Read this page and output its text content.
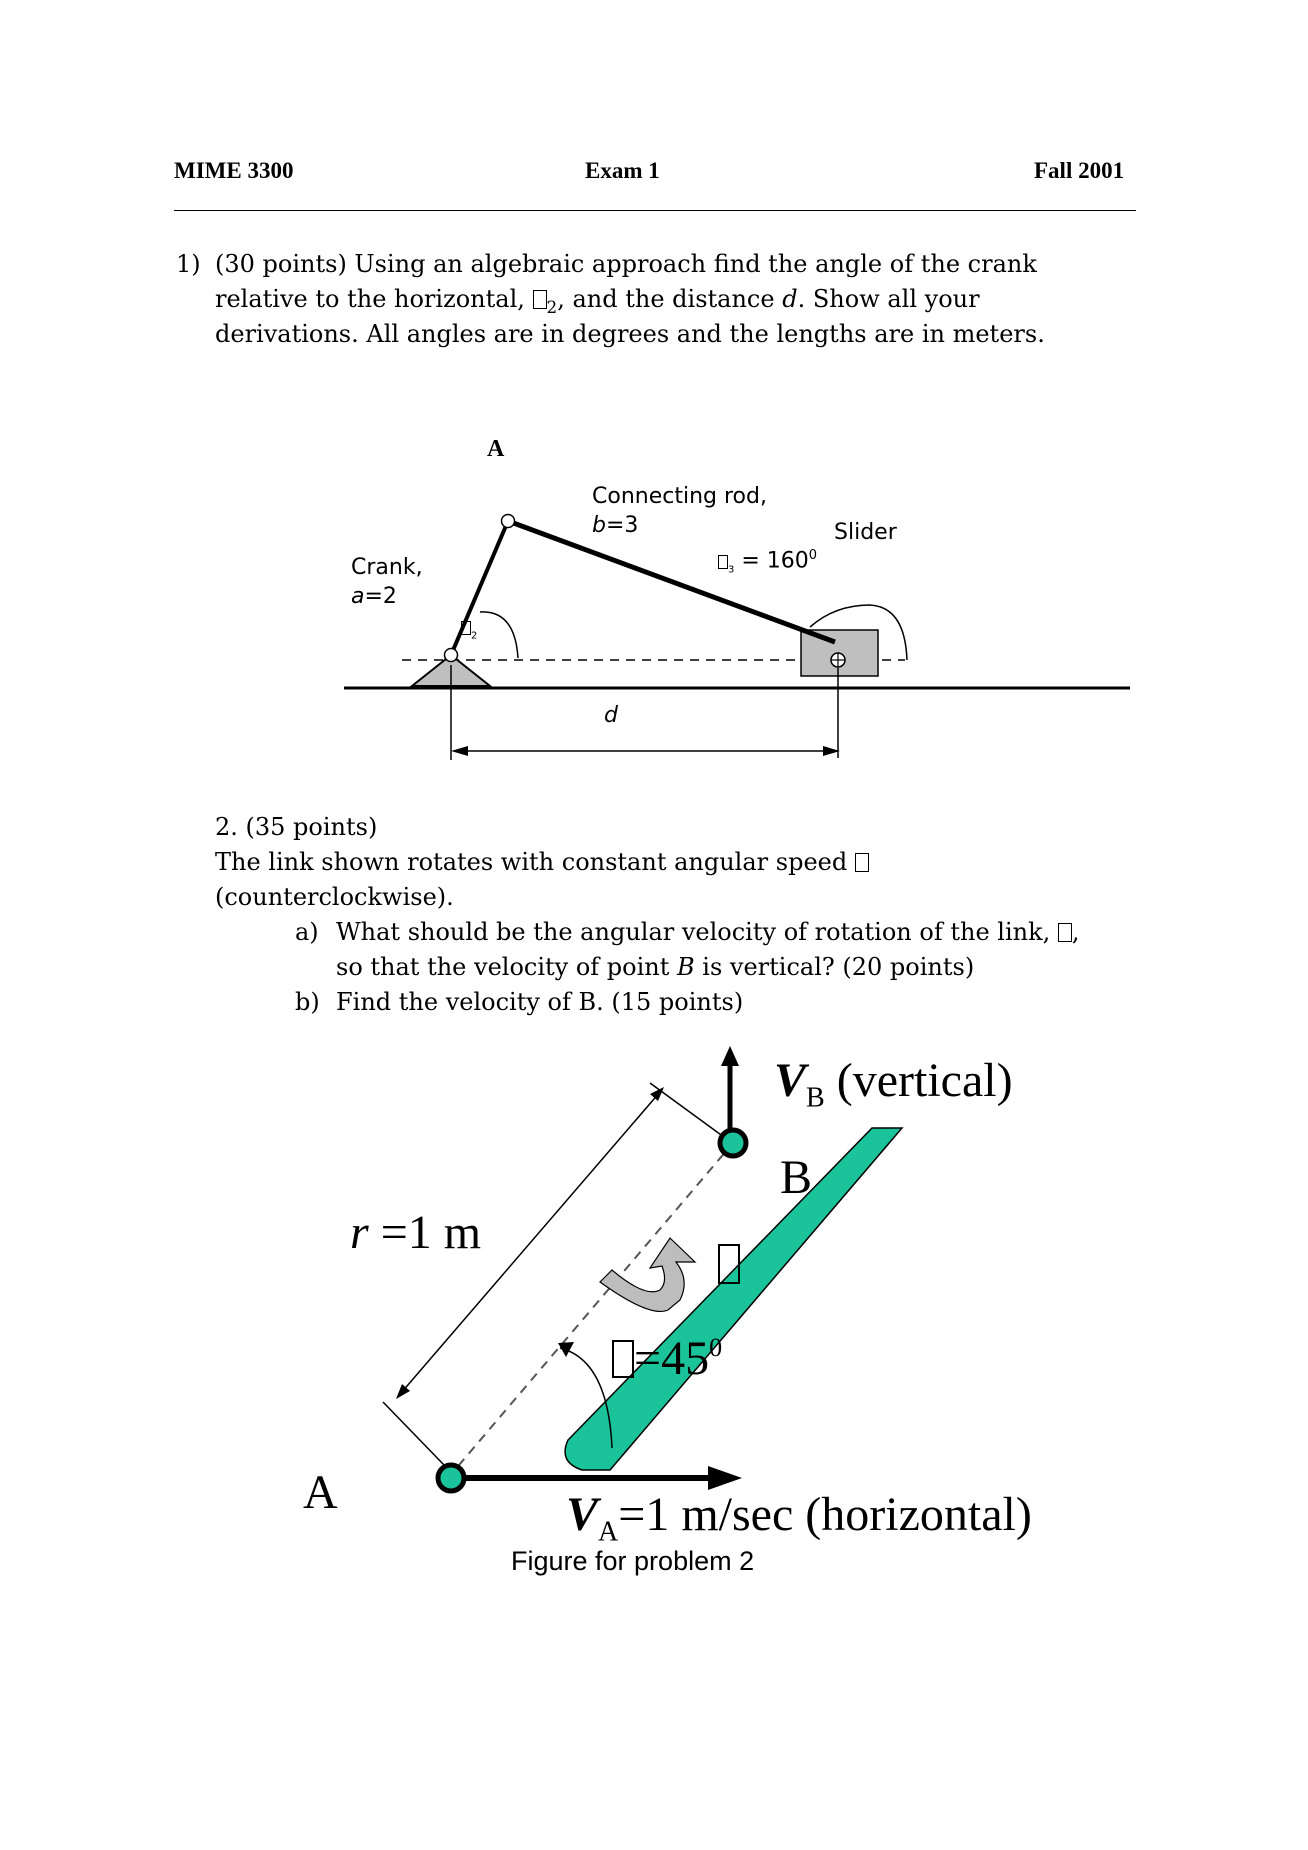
MIME 3300	Exam 1	Fall 2001
1) (30 points) Using an algebraic approach find the angle of the crank
relative to the horizontal, $_2$, and the distance d. Show all your
derivations. All angles are in degrees and the lengths are in meters.
A
Connecting rod,
b=3	Slider
$_3 = 160^0$
Crank,
a=2
$_2$
d
2. (35 points)
The link shown rotates with constant angular speed
(counterclockwise).
a) What should be the angular velocity of rotation of the link, ,
so that the velocity of point B is vertical? (20 points)
b) Find the velocity of B. (15 points)
$V_B$ (vertical)
B
r =1 m
$=45^0$
A	$V_A=1$ m/sec (horizontal)
Figure for problem 2
